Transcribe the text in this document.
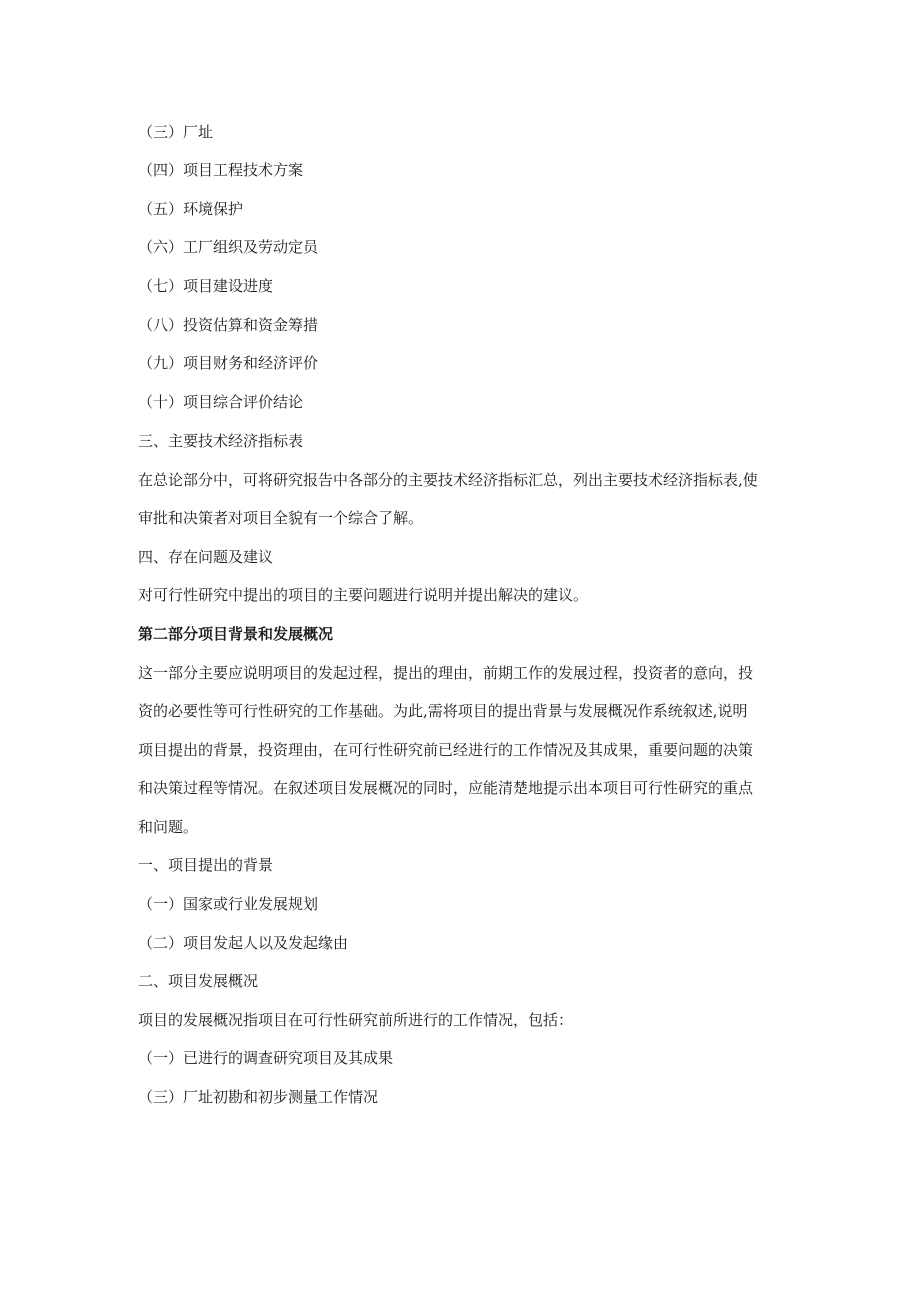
（三）厂址
（四）项目工程技术方案
（五）环境保护
（六）工厂组织及劳动定员
（七）项目建设进度
（八）投资估算和资金筹措
（九）项目财务和经济评价
（十）项目综合评价结论
三、主要技术经济指标表
在总论部分中，可将研究报告中各部分的主要技术经济指标汇总，列出主要技术经济指标表,使
审批和决策者对项目全貌有一个综合了解。
四、存在问题及建议
对可行性研究中提出的项目的主要问题进行说明并提出解决的建议。
第二部分项目背景和发展概况
这一部分主要应说明项目的发起过程，提出的理由，前期工作的发展过程，投资者的意向，投
资的必要性等可行性研究的工作基础。为此,需将项目的提出背景与发展概况作系统叙述,说明
项目提出的背景，投资理由，在可行性研究前已经进行的工作情况及其成果，重要问题的决策
和决策过程等情况。在叙述项目发展概况的同时，应能清楚地提示出本项目可行性研究的重点
和问题。
一、项目提出的背景
（一）国家或行业发展规划
（二）项目发起人以及发起缘由
二、项目发展概况
项目的发展概况指项目在可行性研究前所进行的工作情况，包括：
（一）已进行的调查研究项目及其成果
（三）厂址初勘和初步测量工作情况
